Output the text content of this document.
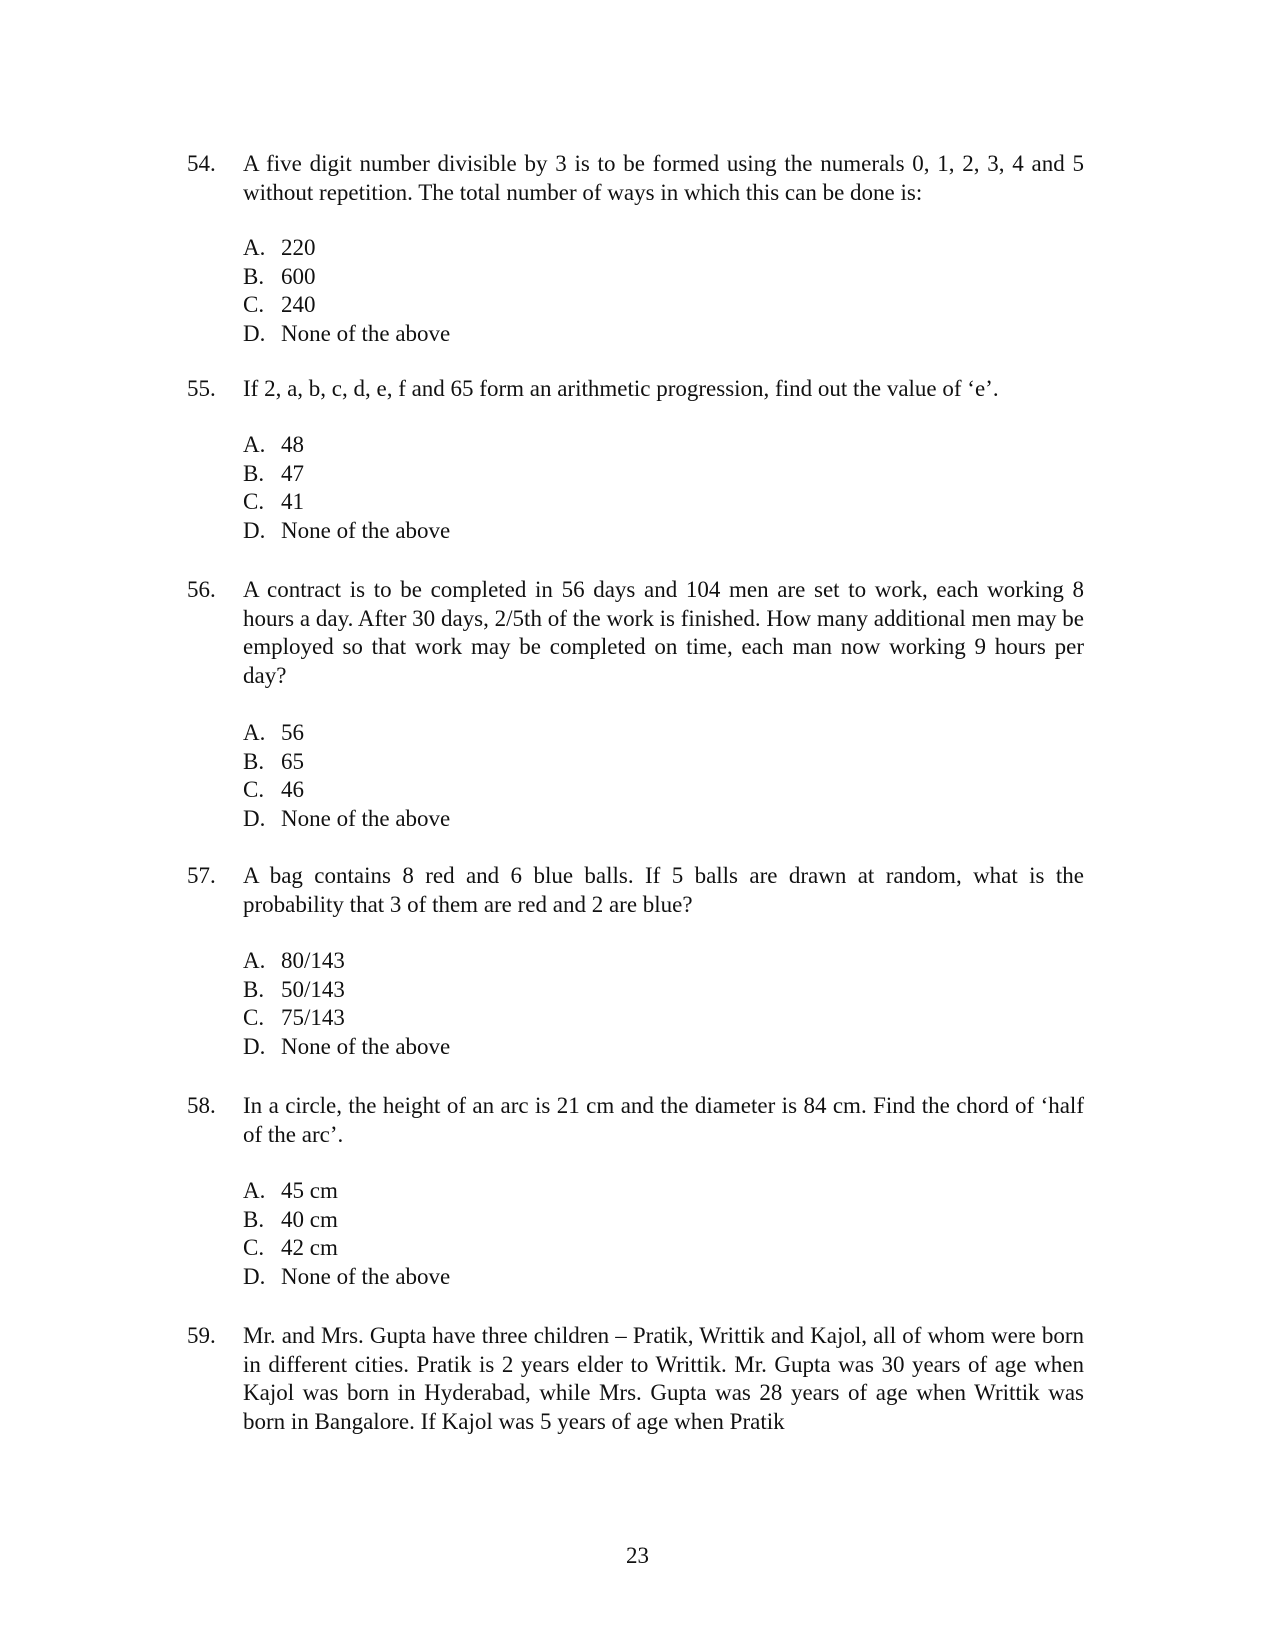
54. A five digit number divisible by 3 is to be formed using the numerals 0, 1, 2, 3, 4 and 5 without repetition. The total number of ways in which this can be done is:
A. 220
B. 600
C. 240
D. None of the above
55. If 2, a, b, c, d, e, f and 65 form an arithmetic progression, find out the value of ‘e’.
A. 48
B. 47
C. 41
D. None of the above
56. A contract is to be completed in 56 days and 104 men are set to work, each working 8 hours a day. After 30 days, 2/5th of the work is finished. How many additional men may be employed so that work may be completed on time, each man now working 9 hours per day?
A. 56
B. 65
C. 46
D. None of the above
57. A bag contains 8 red and 6 blue balls. If 5 balls are drawn at random, what is the probability that 3 of them are red and 2 are blue?
A. 80/143
B. 50/143
C. 75/143
D. None of the above
58. In a circle, the height of an arc is 21 cm and the diameter is 84 cm. Find the chord of ‘half of the arc’.
A. 45 cm
B. 40 cm
C. 42 cm
D. None of the above
59. Mr. and Mrs. Gupta have three children – Pratik, Writtik and Kajol, all of whom were born in different cities. Pratik is 2 years elder to Writtik. Mr. Gupta was 30 years of age when Kajol was born in Hyderabad, while Mrs. Gupta was 28 years of age when Writtik was born in Bangalore. If Kajol was 5 years of age when Pratik
23
